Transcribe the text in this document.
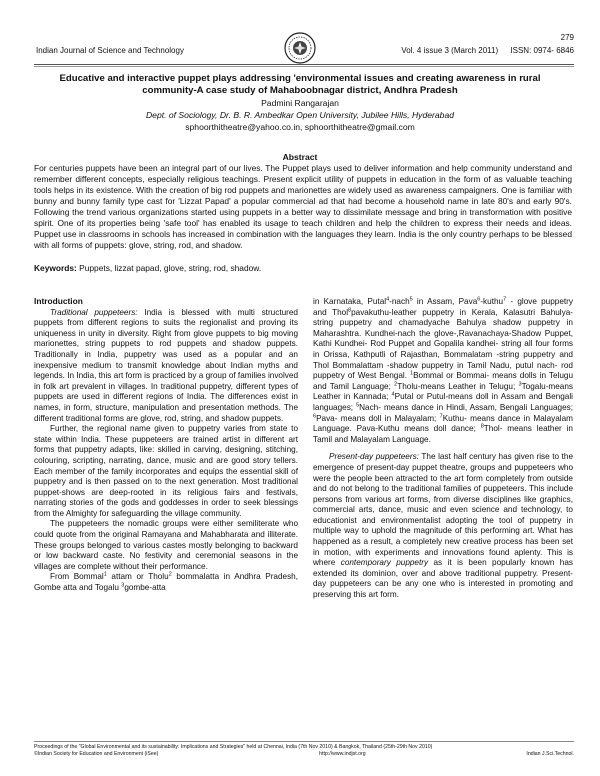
279
Indian Journal of Science and Technology	Vol. 4 issue 3 (March 2011) ISSN: 0974- 6846
Educative and interactive puppet plays addressing 'environmental issues and creating awareness in rural community-A case study of Mahaboobnagar district, Andhra Pradesh
Padmini Rangarajan
Dept. of Sociology, Dr. B. R. Ambedkar Open University, Jubilee Hills, Hyderabad
sphoorthitheatre@yahoo.co.in, sphoorthitheatre@gmail.com
Abstract
For centuries puppets have been an integral part of our lives. The Puppet plays used to deliver information and help community understand and remember different concepts, especially religious teachings. Present explicit utility of puppets in education in the form of as valuable teaching tools helps in its existence. With the creation of big rod puppets and marionettes are widely used as awareness campaigners. One is familiar with bunny and bunny family type cast for 'Lizzat Papad' a popular commercial ad that had become a household name in late 80's and early 90's. Following the trend various organizations started using puppets in a better way to dissimilate message and bring in transformation with positive spirit. One of its properties being 'safe tool' has enabled its usage to teach children and help the children to express their needs and ideas. Puppet use in classrooms in schools has increased in combination with the languages they learn. India is the only country perhaps to be blessed with all forms of puppets: glove, string, rod, and shadow.
Keywords: Puppets, lizzat papad, glove, string, rod, shadow.
Introduction

Traditional puppeteers: India is blessed with multi structured puppets from different regions to suits the regionalist and proving its uniqueness in unity in diversity. Right from glove puppets to big moving marionettes, string puppets to rod puppets and shadow puppets. Traditionally in India, puppetry was used as a popular and an inexpensive medium to transmit knowledge about Indian myths and legends. In India, this art form is practiced by a group of families involved in folk art prevalent in villages. In traditional puppetry, different types of puppets are used in different regions of India. The differences exist in names, in form, structure, manipulation and presentation methods. The different traditional forms are glove, rod, string, and shadow puppets.

Further, the regional name given to puppetry varies from state to state within India. These puppeteers are trained artist in different art forms that puppetry adapts, like: skilled in carving, designing, stitching, colouring, scripting, narrating, dance, music and are good story tellers. Each member of the family incorporates and equips the essential skill of puppetry and is then passed on to the next generation. Most traditional puppet-shows are deep-rooted in its religious fairs and festivals, narrating stories of the gods and goddesses in order to seek blessings from the Almighty for safeguarding the village community.

The puppeteers the nomadic groups were either semiliterate who could quote from the original Ramayana and Mahabharata and illiterate. These groups belonged to various castes mostly belonging to backward or low backward caste. No festivity and ceremonial seasons in the villages are complete without their performance.

From Bommal$^1$ attam or Tholu$^2$ bommalatta in Andhra Pradesh, Gombe atta and Togalu $^3$gombe-atta

in Karnataka, Putal$^4$-nach$^5$ in Assam, Pava$^6$-kuthu$^7$ - glove puppetry and Thol$^8$pavakuthu-leather puppetry in Kerala, Kalasutri Bahulya-string puppetry and chamadyache Bahulya shadow puppetry in Maharashtra. Kundhei-nach the glove-,Ravanachaya-Shadow Puppet, Kathi Kundhei- Rod Puppet and Gopalila kandhei- string all four forms in Orissa, Kathputli of Rajasthan, Bommalatam -string puppetry and Thol Bommalattam -shadow puppetry in Tamil Nadu, putul nach- rod puppetry of West Bengal. $^1$Bommal or Bommai- means dolls in Telugu and Tamil Language; $^2$Tholu-means Leather in Telugu; $^3$Togalu-means Leather in Kannada; $^4$Putal or Putul-means doll in Assam and Bengali languages; $^5$Nach- means dance in Hindi, Assam, Bengali Languages; $^6$Pava- means doll in Malayalam; $^7$Kuthu- means dance in Malayalam Language. Pava-Kuthu means doll dance; $^8$Thol- means leather in Tamil and Malayalam Language.

Present-day puppeteers: The last half century has given rise to the emergence of present-day puppet theatre, groups and puppeteers who were the people been attracted to the art form completely from outside and do not belong to the traditional families of puppeteers. This include persons from various art forms, from diverse disciplines like graphics, commercial arts, dance, music and even science and technology, to educationist and environmentalist adopting the tool of puppetry in multiple way to uphold the magnitude of this performing art. What has happened as a result, a completely new creative process has been set in motion, with experiments and innovations found aplenty. This is where contemporary puppetry as it is been popularly known has extended its dominion, over and above traditional puppetry. Present-day puppeteers can be any one who is interested in promoting and preserving this art form.

Proceedings of the "Global Environmental and its sustainability: Implications and Strategies" held at Chennai, India (7th Nov 2010) & Bangkok, Thailand (25th-29th Nov 2010)
©Indian Society for Education and Environment (iSee)	http://www.indjst.org	Indian J.Sci.Technol.
